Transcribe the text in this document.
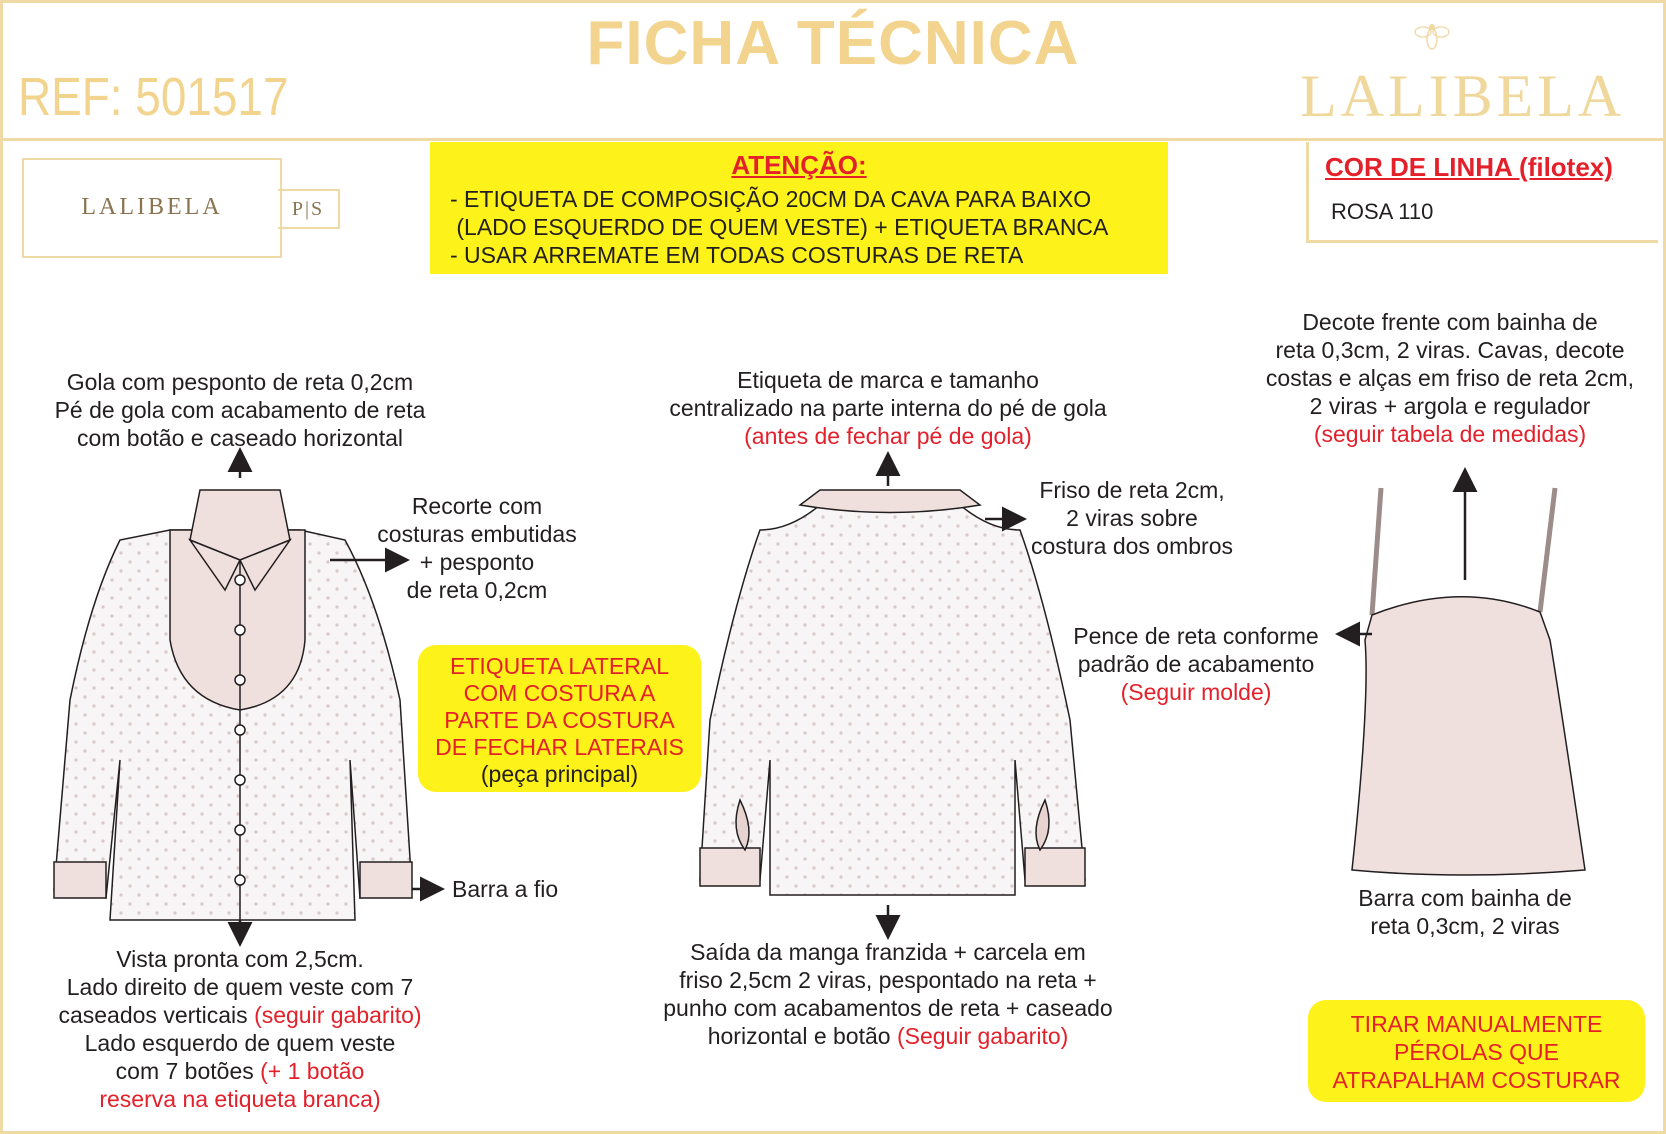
FICHA TÉCNICA
REF: 501517	LALIBELA
LALIBELA	P|S
ATENÇÃO:
- ETIQUETA DE COMPOSIÇÃO 20CM DA CAVA PARA BAIXO
(LADO ESQUERDO DE QUEM VESTE) + ETIQUETA BRANCA
- USAR ARREMATE EM TODAS COSTURAS DE RETA
COR DE LINHA (filotex)
ROSA 110
Gola com pesponto de reta 0,2cm
Pé de gola com acabamento de reta
com botão e caseado horizontal
Recorte com
costuras embutidas
+ pesponto
de reta 0,2cm
Barra a fio
Vista pronta com 2,5cm.
Lado direito de quem veste com 7
caseados verticais (seguir gabarito)
Lado esquerdo de quem veste
com 7 botões (+ 1 botão
reserva na etiqueta branca)
ETIQUETA LATERAL
COM COSTURA A
PARTE DA COSTURA
DE FECHAR LATERAIS
(peça principal)
Etiqueta de marca e tamanho
centralizado na parte interna do pé de gola
(antes de fechar pé de gola)
Friso de reta 2cm,
2 viras sobre
costura dos ombros
Saída da manga franzida + carcela em
friso 2,5cm 2 viras, pespontado na reta +
punho com acabamentos de reta + caseado
horizontal e botão (Seguir gabarito)
Decote frente com bainha de
reta 0,3cm, 2 viras. Cavas, decote
costas e alças em friso de reta 2cm,
2 viras + argola e regulador
(seguir tabela de medidas)
Pence de reta conforme
padrão de acabamento
(Seguir molde)
Barra com bainha de
reta 0,3cm, 2 viras
TIRAR MANUALMENTE
PÉROLAS QUE
ATRAPALHAM COSTURAR
